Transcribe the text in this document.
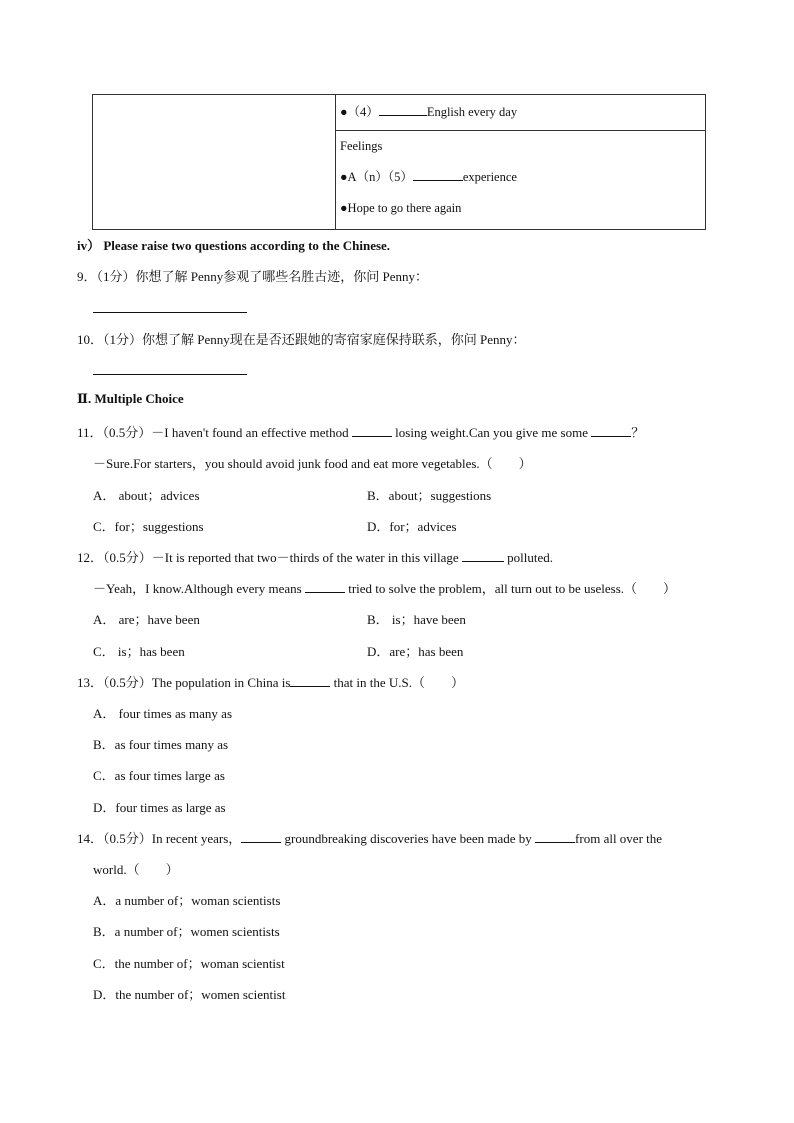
●（4）	English every day

Feelings
●A（n）（5）	experience
●Hope to go there again
iv） Please raise two questions according to the Chinese.
9．（1分）你想了解 Penny参观了哪些名胜古迹，你问 Penny：
10．（1分）你想了解 Penny现在是否还跟她的寄宿家庭保持联系，你问 Penny：
Ⅱ. Multiple Choice
11．（0.5分）－I haven't found an effective method	losing weight.Can you give me some	？
－Sure.For starters，you should avoid junk food and eat more vegetables.（　　）
A． about；advices	B．about；suggestions
C．for；suggestions	D．for；advices
12．（0.5分）－It is reported that two－thirds of the water in this village	polluted.
－Yeah，I know.Although every means	tried to solve the problem，all turn out to be useless.（　　）
A． are；have been	B． is；have been
C． is；has been	D．are；has been
13．（0.5分）The population in China is	that in the U.S.（　　）
A． four times as many as
B．as four times many as
C．as four times large as
D．four times as large as
14．（0.5分）In recent years，	groundbreaking discoveries have been made by	from all over the
world.（　　）
A．a number of；woman scientists
B．a number of；women scientists
C．the number of；woman scientist
D．the number of；women scientist
